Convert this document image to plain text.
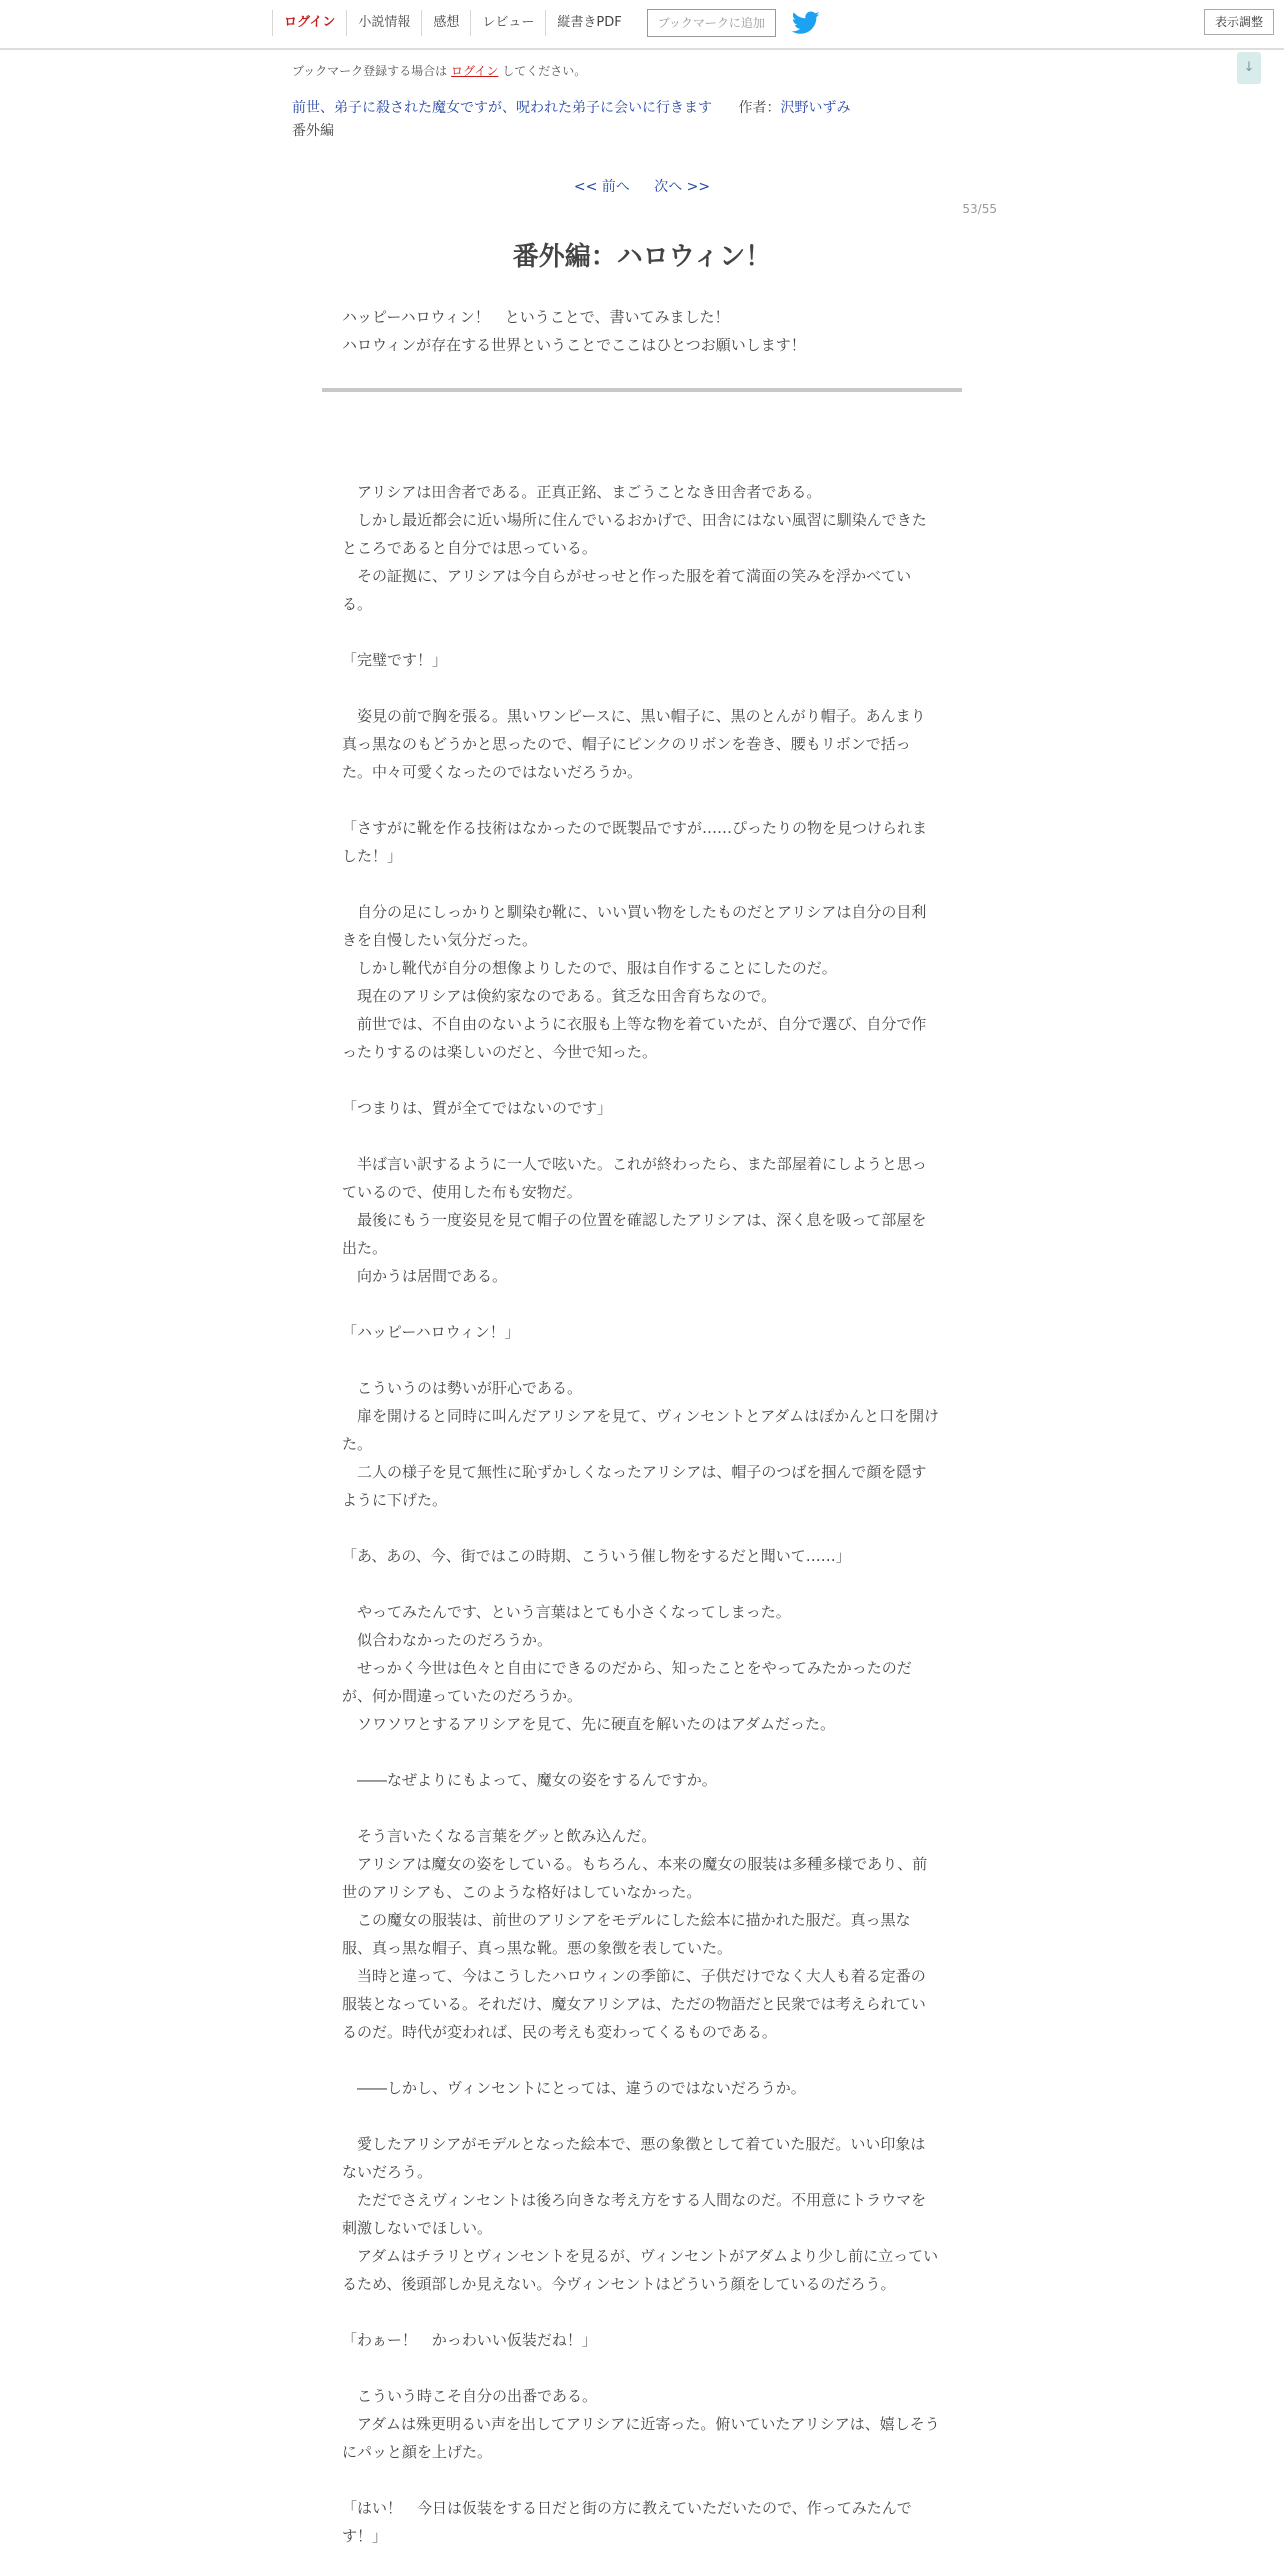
ログイン	小説情報	感想	レビュー	縦書きPDF	ブックマークに追加	表示調整
↓
ブックマーク登録する場合は ログイン してください。
前世、弟子に殺された魔女ですが、呪われた弟子に会いに行きます 作者：沢野いずみ
番外編
<< 前へ 次へ >>
53/55
番外編：ハロウィン！
ハッピーハロウィン！　ということで、書いてみました！
ハロウィンが存在する世界ということでここはひとつお願いします！

　アリシアは田舎者である。正真正銘、まごうことなき田舎者である。

　しかし最近都会に近い場所に住んでいるおかげで、田舎にはない風習に馴染んできたところであると自分では思っている。

　その証拠に、アリシアは今自らがせっせと作った服を着て満面の笑みを浮かべている。

「完璧です！」

　姿見の前で胸を張る。黒いワンピースに、黒い帽子に、黒のとんがり帽子。あんまり真っ黒なのもどうかと思ったので、帽子にピンクのリボンを巻き、腰もリボンで括った。中々可愛くなったのではないだろうか。

「さすがに靴を作る技術はなかったので既製品ですが……ぴったりの物を見つけられました！」

　自分の足にしっかりと馴染む靴に、いい買い物をしたものだとアリシアは自分の目利きを自慢したい気分だった。

　しかし靴代が自分の想像よりしたので、服は自作することにしたのだ。

　現在のアリシアは倹約家なのである。貧乏な田舎育ちなので。

　前世では、不自由のないように衣服も上等な物を着ていたが、自分で選び、自分で作ったりするのは楽しいのだと、今世で知った。

「つまりは、質が全てではないのです」

　半ば言い訳するように一人で呟いた。これが終わったら、また部屋着にしようと思っているので、使用した布も安物だ。

　最後にもう一度姿見を見て帽子の位置を確認したアリシアは、深く息を吸って部屋を出た。

　向かうは居間である。

「ハッピーハロウィン！」

　こういうのは勢いが肝心である。

　扉を開けると同時に叫んだアリシアを見て、ヴィンセントとアダムはぽかんと口を開けた。

　二人の様子を見て無性に恥ずかしくなったアリシアは、帽子のつばを掴んで顔を隠すように下げた。

「あ、あの、今、街ではこの時期、こういう催し物をするだと聞いて……」

　やってみたんです、という言葉はとても小さくなってしまった。

　似合わなかったのだろうか。

　せっかく今世は色々と自由にできるのだから、知ったことをやってみたかったのだが、何か間違っていたのだろうか。

　ソワソワとするアリシアを見て、先に硬直を解いたのはアダムだった。

　――なぜよりにもよって、魔女の姿をするんですか。

　そう言いたくなる言葉をグッと飲み込んだ。

　アリシアは魔女の姿をしている。もちろん、本来の魔女の服装は多種多様であり、前世のアリシアも、このような格好はしていなかった。

　この魔女の服装は、前世のアリシアをモデルにした絵本に描かれた服だ。真っ黒な服、真っ黒な帽子、真っ黒な靴。悪の象徴を表していた。

　当時と違って、今はこうしたハロウィンの季節に、子供だけでなく大人も着る定番の服装となっている。それだけ、魔女アリシアは、ただの物語だと民衆では考えられているのだ。時代が変われば、民の考えも変わってくるものである。

　――しかし、ヴィンセントにとっては、違うのではないだろうか。

　愛したアリシアがモデルとなった絵本で、悪の象徴として着ていた服だ。いい印象はないだろう。

　ただでさえヴィンセントは後ろ向きな考え方をする人間なのだ。不用意にトラウマを刺激しないでほしい。

　アダムはチラリとヴィンセントを見るが、ヴィンセントがアダムより少し前に立っているため、後頭部しか見えない。今ヴィンセントはどういう顔をしているのだろう。

「わぁー！　かっわいい仮装だね！」

　こういう時こそ自分の出番である。

　アダムは殊更明るい声を出してアリシアに近寄った。俯いていたアリシアは、嬉しそうにパッと顔を上げた。

「はい！　今日は仮装をする日だと街の方に教えていただいたので、作ってみたんです！」
